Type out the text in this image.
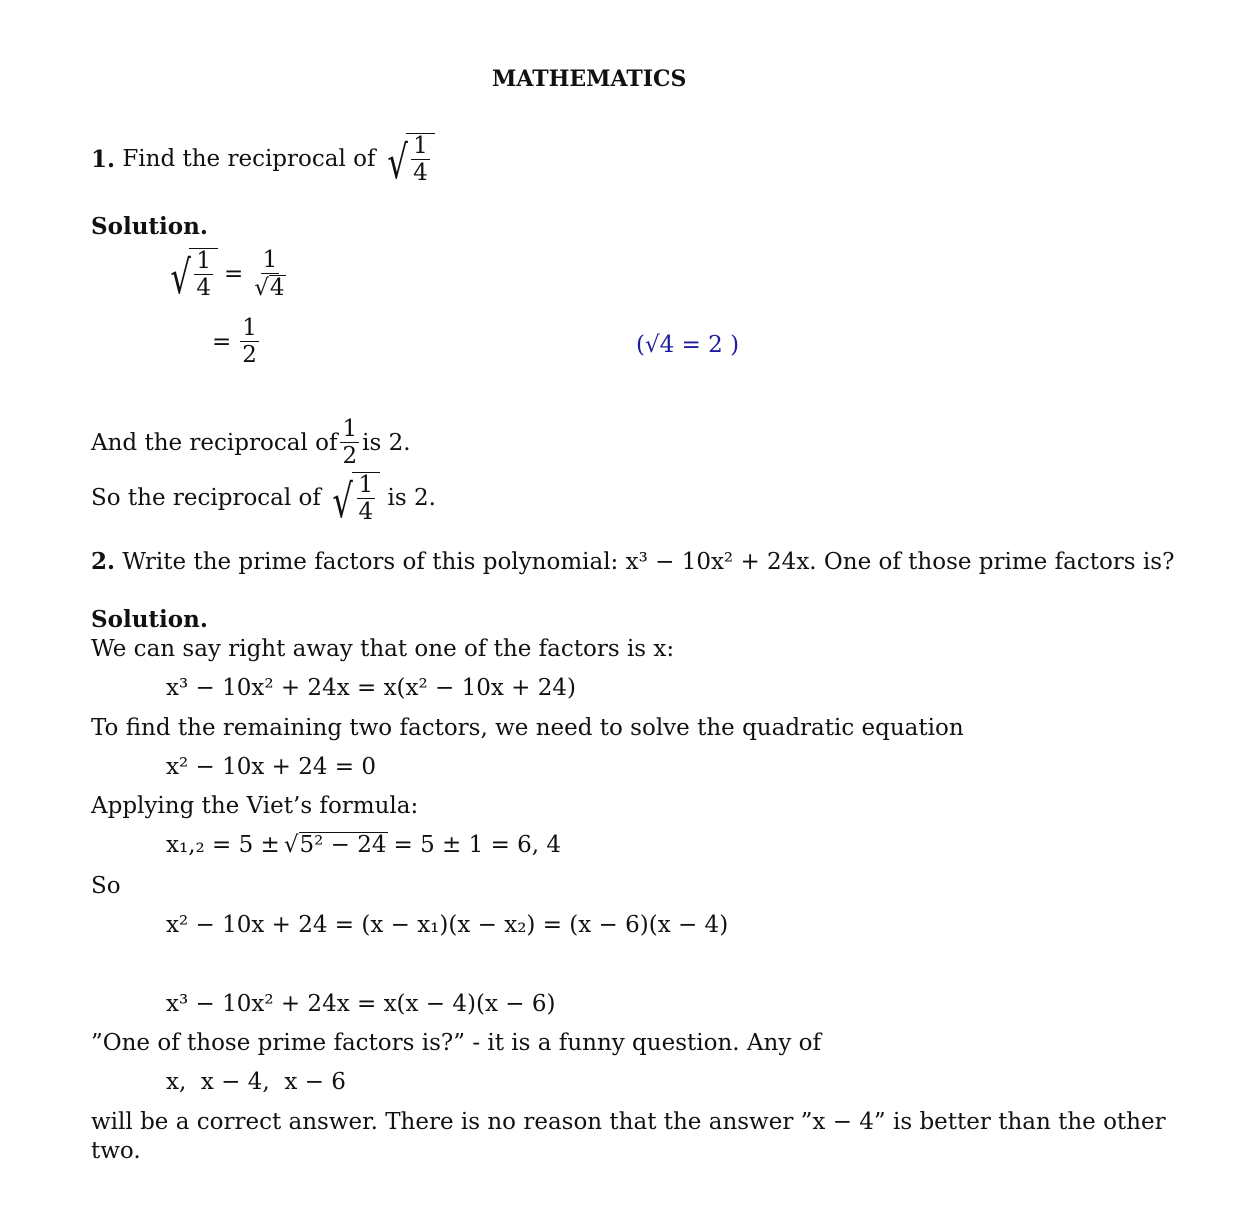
MATHEMATICS
1.
Find the reciprocal of
√ $\frac{1}{4}$
Solution.
√ $\frac{1}{4} = \frac{1}{√ 4}$
= $\frac{1}{2}$	(√4 = 2 )
And the reciprocal of $\frac{1}{2}$ is 2.
So the reciprocal of
√ $\frac{1}{4}$
is 2.
2. Write the prime factors of this polynomial: x³ − 10x² + 24x. One of those prime factors is?
Solution.
We can say right away that one of the factors is x:
x³ − 10x² + 24x = x(x² − 10x + 24)
To find the remaining two factors, we need to solve the quadratic equation
x² − 10x + 24 = 0
Applying the Viet’s formula:
x₁,₂ = 5 ± √ 5² − 24 = 5 ± 1 = 6, 4
So
x² − 10x + 24 = (x − x₁)(x − x₂) = (x − 6)(x − 4)
x³ − 10x² + 24x = x(x − 4)(x − 6)
”One of those prime factors is?” - it is a funny question. Any of
x,  x − 4,  x − 6
will be a correct answer. There is no reason that the answer ”x − 4” is better than the other
two.
